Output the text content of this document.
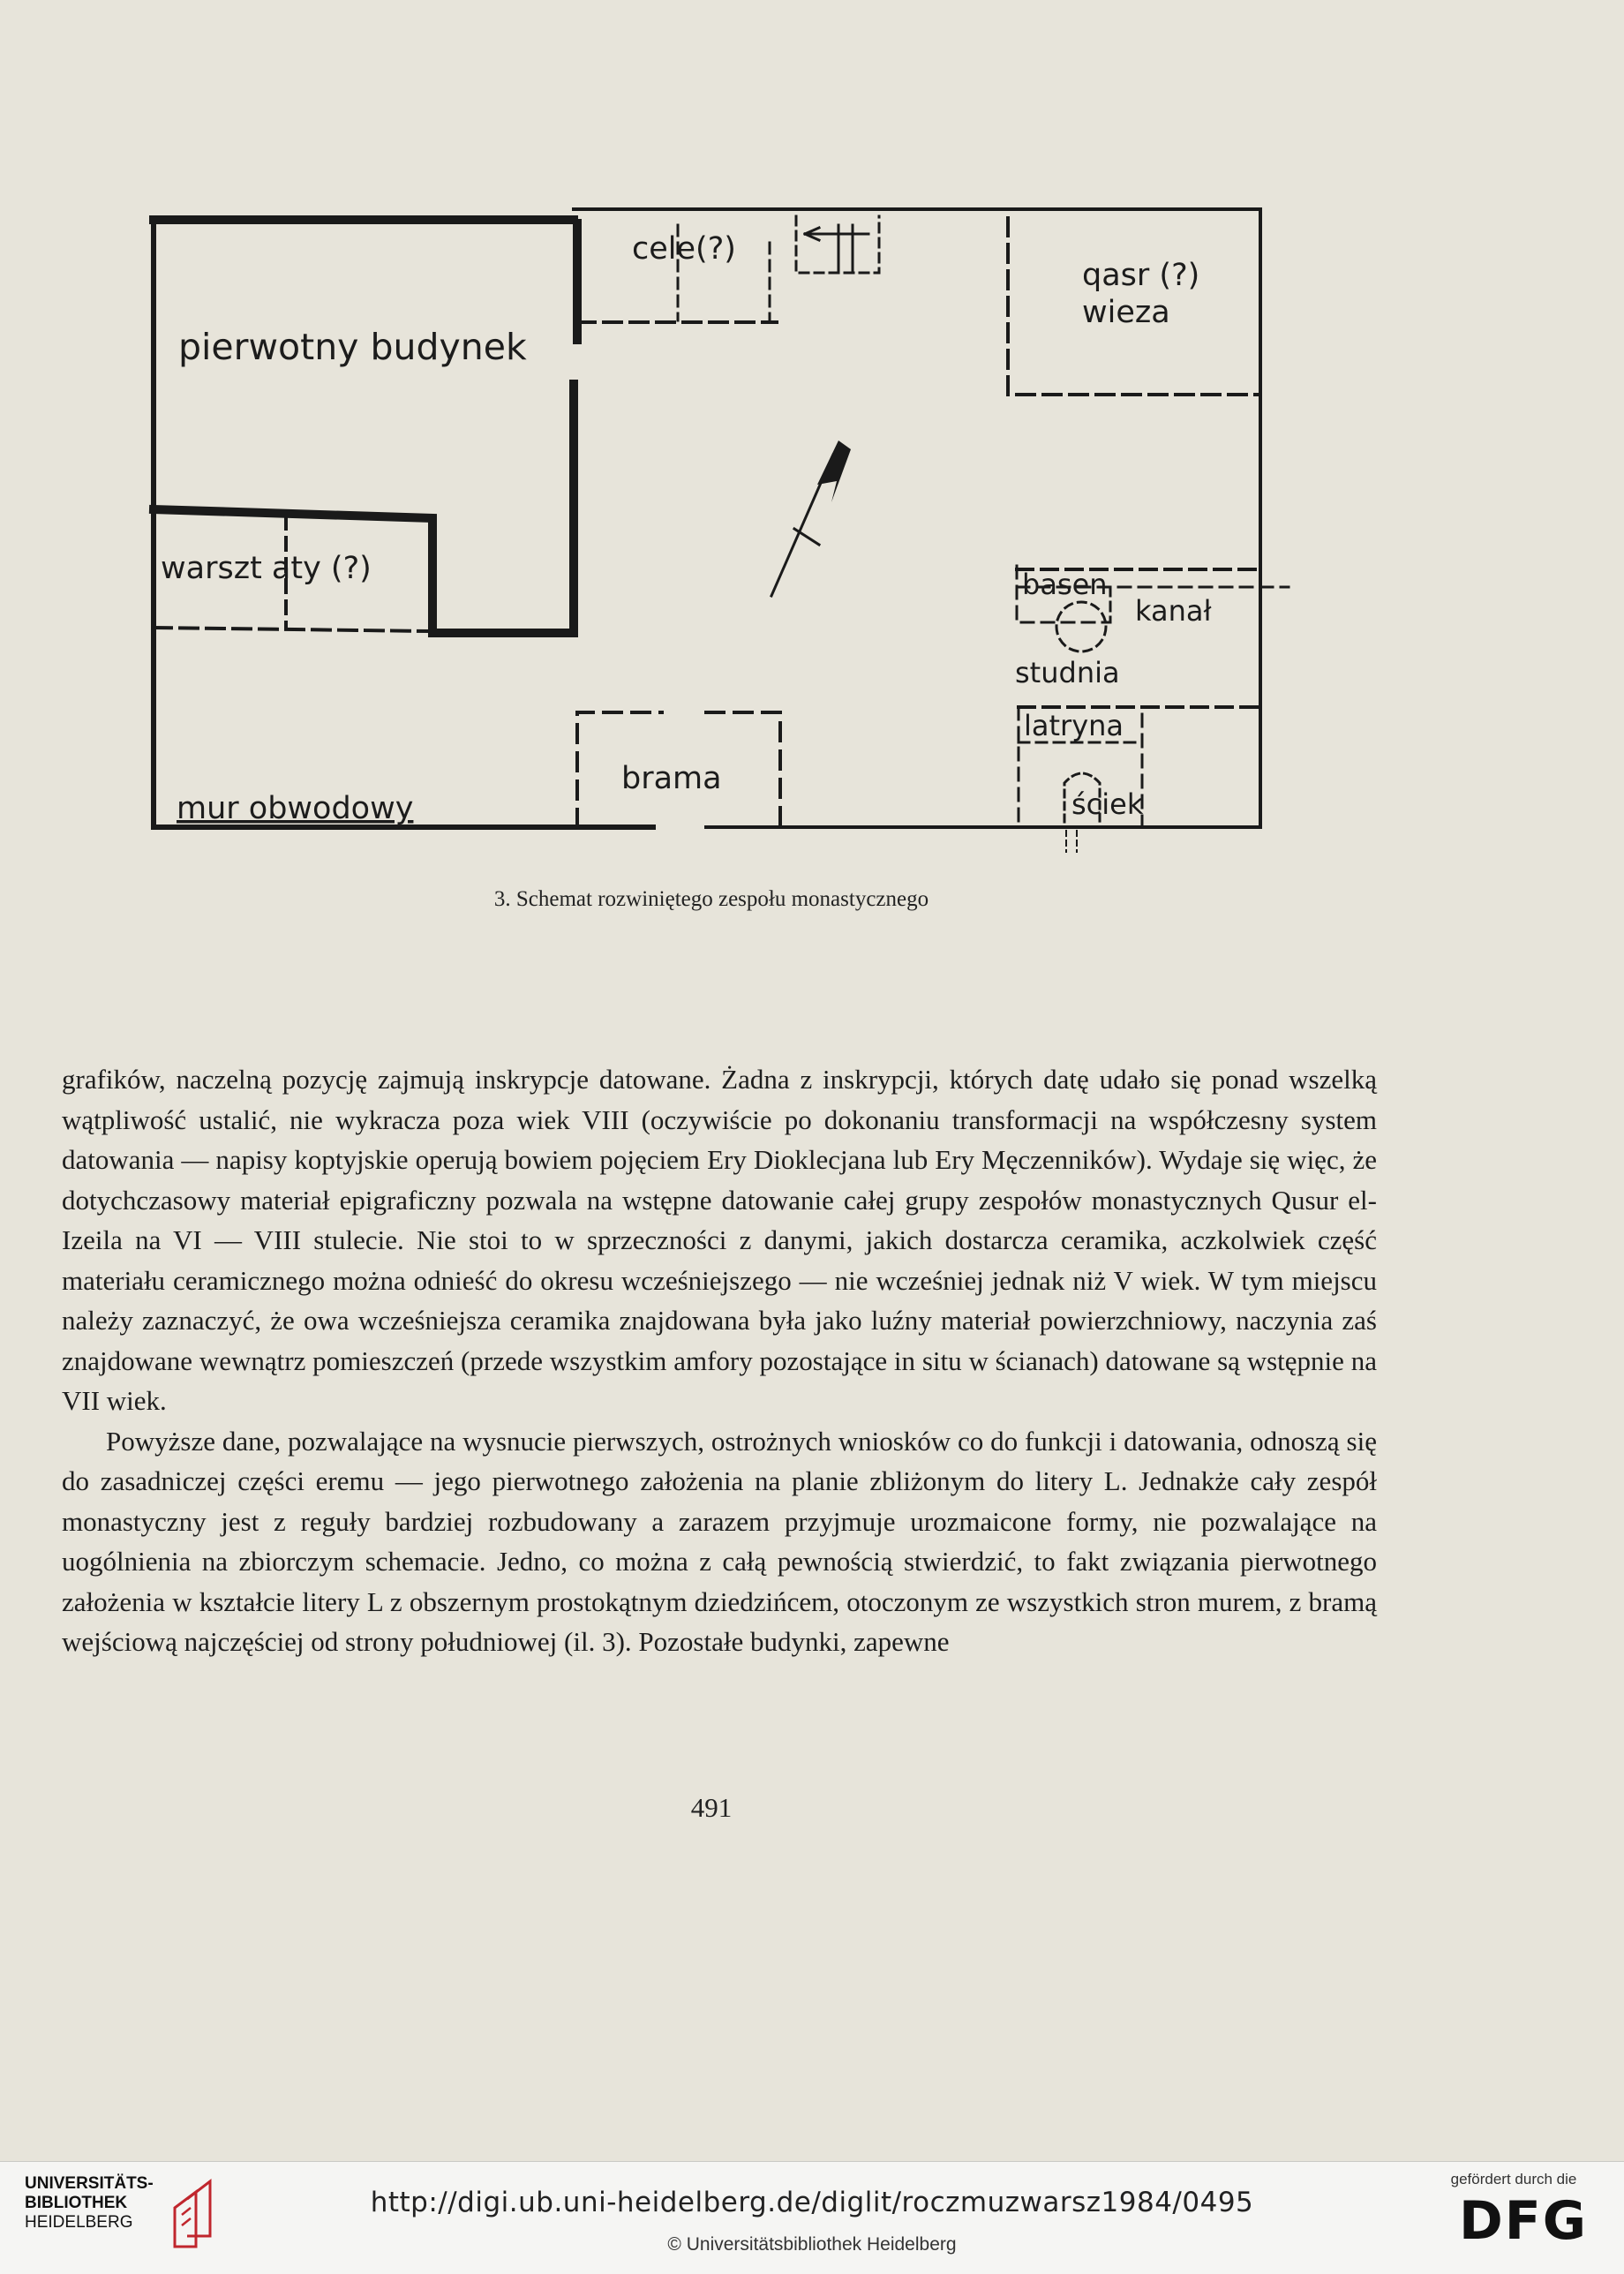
pierwotny budynek
warszt aty (?)
cele(?)
qasr (?)
wieza
basen
kanał
studnia
latryna
ściek
brama
mur obwodowy
3. Schemat rozwiniętego zespołu monastycznego

grafików, naczelną pozycję zajmują inskrypcje datowane. Żadna z inskrypcji, których datę udało się ponad wszelką wątpliwość ustalić, nie wykracza poza wiek VIII (oczywiście po dokonaniu transformacji na współczesny system datowania — napisy koptyjskie operują bowiem pojęciem Ery Dioklecjana lub Ery Męczenników). Wydaje się więc, że dotychczasowy materiał epigraficzny pozwala na wstępne datowanie całej grupy zespołów monastycznych Qusur el-Izeila na VI — VIII stulecie. Nie stoi to w sprzeczności z danymi, jakich dostarcza ceramika, aczkolwiek część materiału ceramicznego można odnieść do okresu wcześniejszego — nie wcześniej jednak niż V wiek. W tym miejscu należy zaznaczyć, że owa wcześniejsza ceramika znajdowana była jako luźny materiał powierzchniowy, naczynia zaś znajdowane wewnątrz pomieszczeń (przede wszystkim amfory pozostające in situ w ścianach) datowane są wstępnie na VII wiek.

Powyższe dane, pozwalające na wysnucie pierwszych, ostrożnych wniosków co do funkcji i datowania, odnoszą się do zasadniczej części eremu — jego pierwotnego założenia na planie zbliżonym do litery L. Jednakże cały zespół monastyczny jest z reguły bardziej rozbudowany a zarazem przyjmuje urozmaicone formy, nie pozwalające na uogólnienia na zbiorczym schemacie. Jedno, co można z całą pewnością stwierdzić, to fakt związania pierwotnego założenia w kształcie litery L z obszernym prostokątnym dziedzińcem, otoczonym ze wszystkich stron murem, z bramą wejściową najczęściej od strony południowej (il. 3). Pozostałe budynki, zapewne

491
UNIVERSITÄTS-
BIBLIOTHEK
HEIDELBERG
http://digi.ub.uni-heidelberg.de/diglit/roczmuzwarsz1984/0495
© Universitätsbibliothek Heidelberg
gefördert durch die
DFG
